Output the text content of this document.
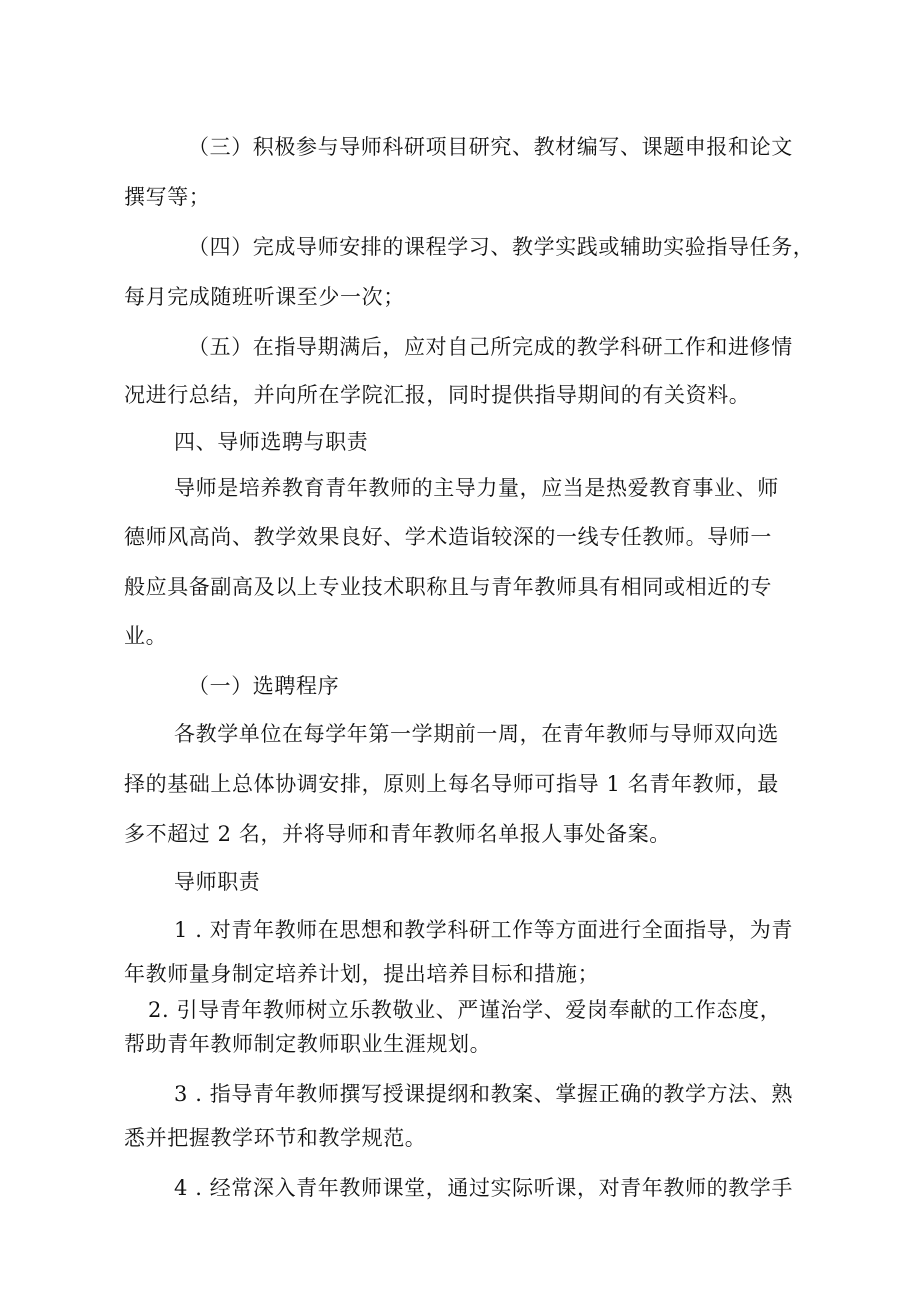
（三）积极参与导师科研项目研究、教材编写、课题申报和论文
撰写等；
（四）完成导师安排的课程学习、教学实践或辅助实验指导任务，
每月完成随班听课至少一次；
（五）在指导期满后，应对自己所完成的教学科研工作和进修情
况进行总结，并向所在学院汇报，同时提供指导期间的有关资料。
四、导师选聘与职责
导师是培养教育青年教师的主导力量，应当是热爱教育事业、师
德师风高尚、教学效果良好、学术造诣较深的一线专任教师。导师一
般应具备副高及以上专业技术职称且与青年教师具有相同或相近的专
业。
（一）选聘程序
各教学单位在每学年第一学期前一周，在青年教师与导师双向选
择的基础上总体协调安排，原则上每名导师可指导 1 名青年教师，最
多不超过 2 名，并将导师和青年教师名单报人事处备案。
导师职责
1 . 对青年教师在思想和教学科研工作等方面进行全面指导，为青
年教师量身制定培养计划，提出培养目标和措施；
2. 引导青年教师树立乐教敬业、严谨治学、爱岗奉献的工作态度，
帮助青年教师制定教师职业生涯规划。
3 . 指导青年教师撰写授课提纲和教案、掌握正确的教学方法、熟
悉并把握教学环节和教学规范。
4 . 经常深入青年教师课堂，通过实际听课，对青年教师的教学手
